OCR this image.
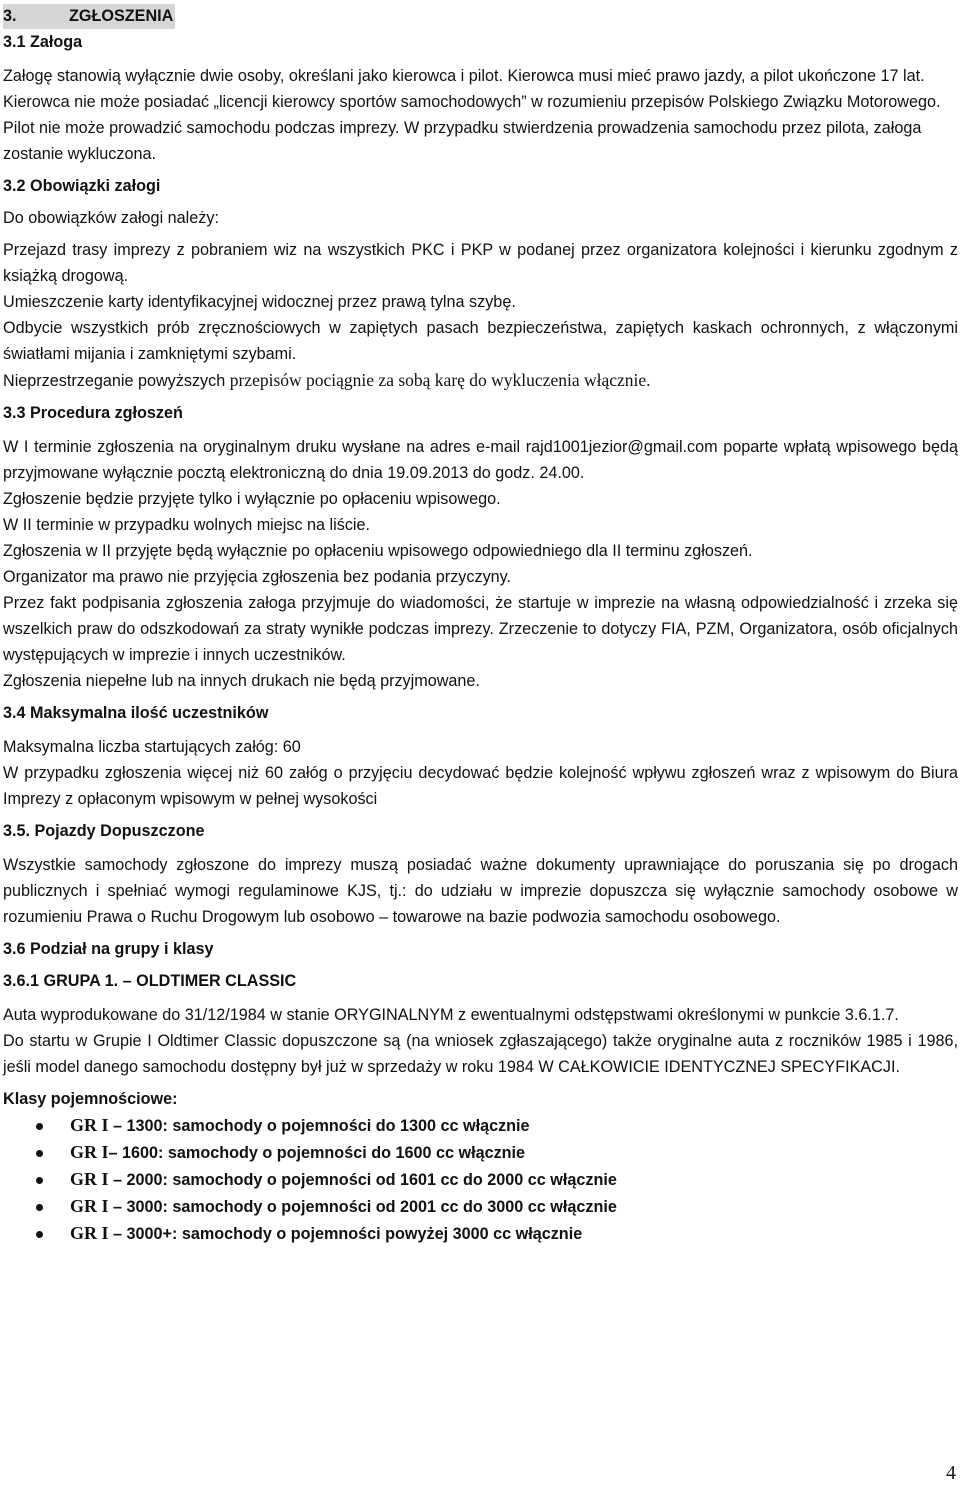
3.	ZGŁOSZENIA

3.1 Załoga

Załogę stanowią wyłącznie dwie osoby, określani jako kierowca i pilot. Kierowca musi mieć prawo jazdy, a pilot ukończone 17 lat.

Kierowca nie może posiadać „licencji kierowcy sportów samochodowych” w rozumieniu przepisów Polskiego Związku Motorowego.

Pilot nie może prowadzić samochodu podczas imprezy. W przypadku stwierdzenia prowadzenia samochodu przez pilota, załoga zostanie wykluczona.

3.2 Obowiązki załogi

Do obowiązków załogi należy:

Przejazd trasy imprezy z pobraniem wiz na wszystkich PKC i PKP w podanej przez organizatora kolejności i kierunku zgodnym z książką drogową.

Umieszczenie karty identyfikacyjnej widocznej przez prawą tylna szybę.

Odbycie wszystkich prób zręcznościowych w zapiętych pasach bezpieczeństwa, zapiętych kaskach ochronnych, z włączonymi światłami mijania i zamkniętymi szybami.

Nieprzestrzeganie powyższych przepisów pociągnie za sobą karę do wykluczenia włącznie.

3.3 Procedura zgłoszeń

W I terminie zgłoszenia na oryginalnym druku wysłane na adres e-mail rajd1001jezior@gmail.com poparte wpłatą wpisowego będą przyjmowane wyłącznie pocztą elektroniczną do dnia 19.09.2013 do godz. 24.00.

Zgłoszenie będzie przyjęte tylko i wyłącznie po opłaceniu wpisowego.

W II terminie w przypadku wolnych miejsc na liście.

Zgłoszenia w II przyjęte będą wyłącznie po opłaceniu wpisowego odpowiedniego dla II terminu zgłoszeń.

Organizator ma prawo nie przyjęcia zgłoszenia bez podania przyczyny.

Przez fakt podpisania zgłoszenia załoga przyjmuje do wiadomości, że startuje w imprezie na własną odpowiedzialność i zrzeka się wszelkich praw do odszkodowań za straty wynikłe podczas imprezy. Zrzeczenie to dotyczy FIA, PZM, Organizatora, osób oficjalnych występujących w imprezie i innych uczestników.

Zgłoszenia niepełne lub na innych drukach nie będą przyjmowane.

3.4 Maksymalna ilość uczestników

Maksymalna liczba startujących załóg: 60

W przypadku zgłoszenia więcej niż 60 załóg o przyjęciu decydować będzie kolejność wpływu zgłoszeń wraz z wpisowym do Biura Imprezy z opłaconym wpisowym w pełnej wysokości

3.5. Pojazdy Dopuszczone

Wszystkie samochody zgłoszone do imprezy muszą posiadać ważne dokumenty uprawniające do poruszania się po drogach publicznych i spełniać wymogi regulaminowe KJS, tj.: do udziału w imprezie dopuszcza się wyłącznie samochody osobowe w rozumieniu Prawa o Ruchu Drogowym lub osobowo – towarowe na bazie podwozia samochodu osobowego.

3.6 Podział na grupy i klasy

3.6.1 GRUPA 1. – OLDTIMER CLASSIC

Auta wyprodukowane do 31/12/1984 w stanie ORYGINALNYM z ewentualnymi odstępstwami określonymi w punkcie 3.6.1.7.

Do startu w Grupie I Oldtimer Classic dopuszczone są (na wniosek zgłaszającego) także oryginalne auta z roczników 1985 i 1986, jeśli model danego samochodu dostępny był już w sprzedaży w roku 1984 W CAŁKOWICIE IDENTYCZNEJ SPECYFIKACJI.

Klasy pojemnościowe:

GR I – 1300: samochody o pojemności do 1300 cc włącznie
GR I– 1600: samochody o pojemności do 1600 cc włącznie
GR I – 2000: samochody o pojemności od 1601 cc do 2000 cc włącznie
GR I – 3000: samochody o pojemności od 2001 cc do 3000 cc włącznie
GR I – 3000+: samochody o pojemności powyżej 3000 cc włącznie
4
